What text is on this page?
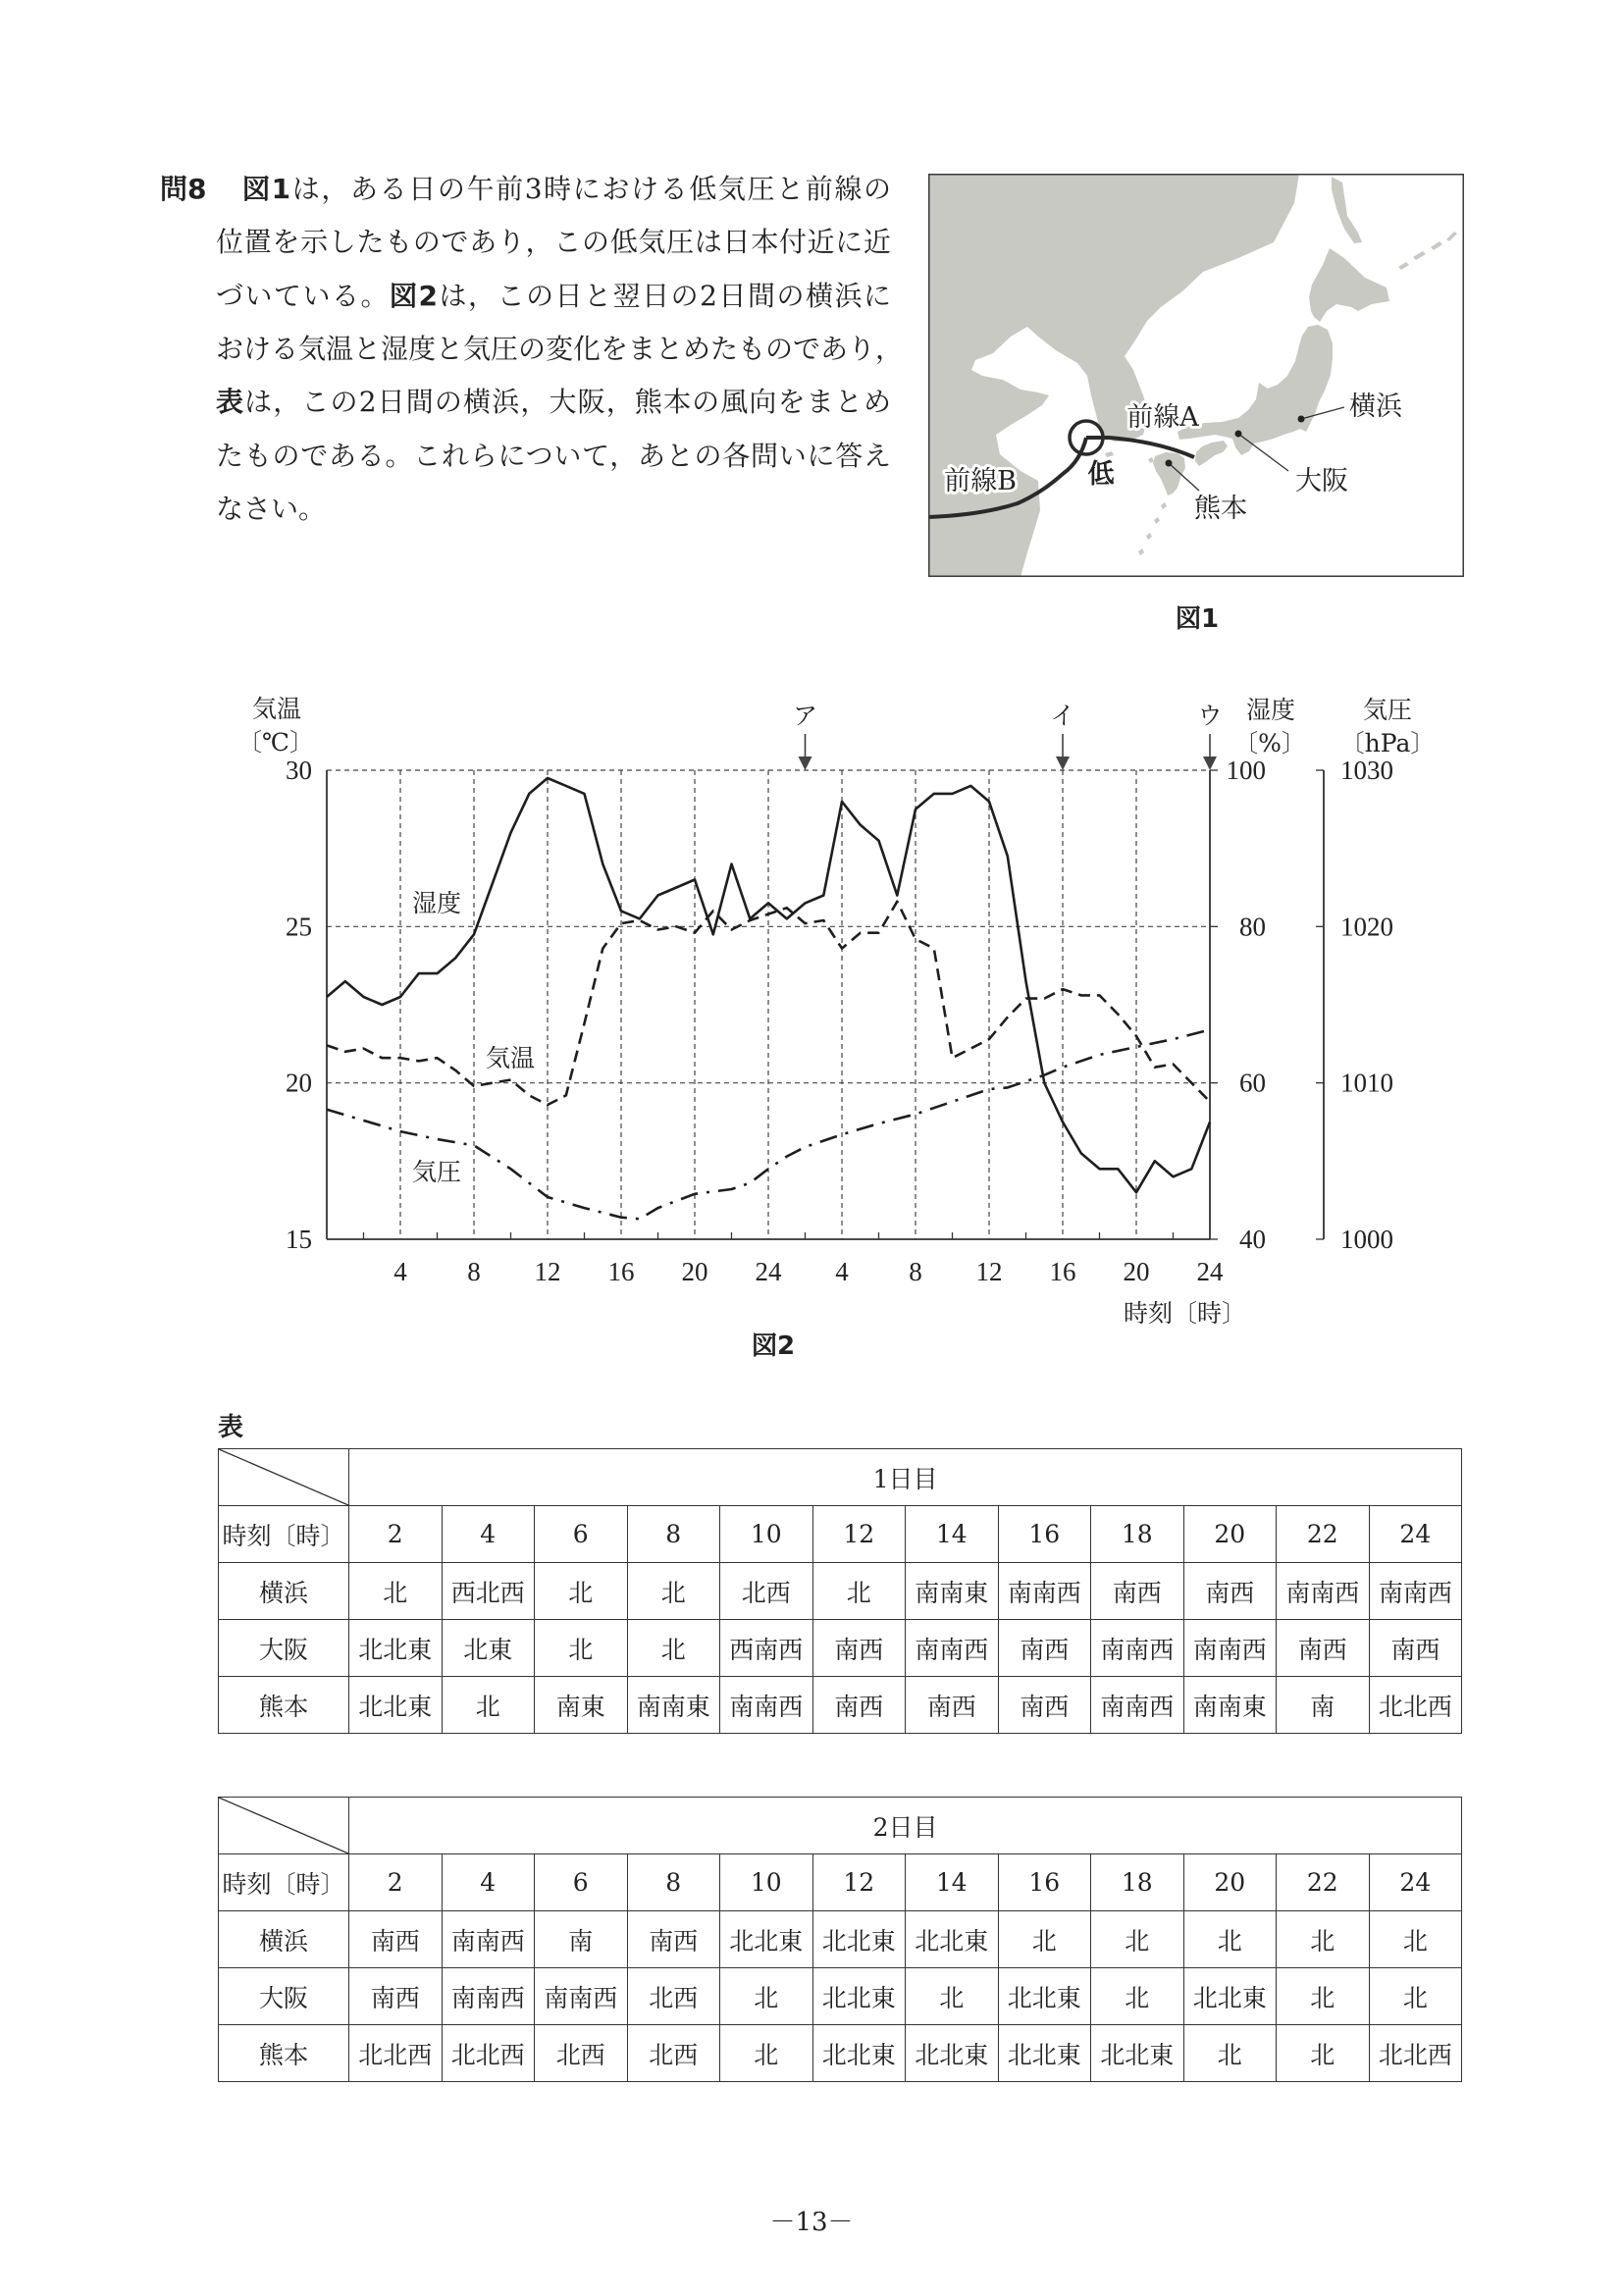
問8 図1は，ある日の午前3時における低気圧と前線の
位置を示したものであり，この低気圧は日本付近に近
づいている。図2は，この日と翌日の2日間の横浜に
おける気温と湿度と気圧の変化をまとめたものであり，
表は，この2日間の横浜，大阪，熊本の風向をまとめ
たものである。これらについて，あとの各問いに答え
なさい。
前線A
前線B	低
横浜
大阪
熊本
図1
15
20
25
30
40
60
80
100
1000
1010
1020
1030
4 8 12 16 20 24 4 8 12 16 20 24
ア	イ	ウ
気温
〔℃〕
湿度
〔%〕
気圧
〔hPa〕
時刻〔時〕
湿度
気温
気圧
図2
表
	1日目
時刻〔時〕	2	4	6	8	10	12	14	16	18	20	22	24
横浜	北	西北西	北	北	北西	北	南南東	南南西	南西	南西	南南西	南南西
大阪	北北東	北東	北	北	西南西	南西	南南西	南西	南南西	南南西	南西	南西
熊本	北北東	北	南東	南南東	南南西	南西	南西	南西	南南西	南南東	南	北北西
	2日目
時刻〔時〕	2	4	6	8	10	12	14	16	18	20	22	24
横浜	南西	南南西	南	南西	北北東	北北東	北北東	北	北	北	北	北
大阪	南西	南南西	南南西	北西	北	北北東	北	北北東	北	北北東	北	北
熊本	北北西	北北西	北西	北西	北	北北東	北北東	北北東	北北東	北	北	北北西
－13－
